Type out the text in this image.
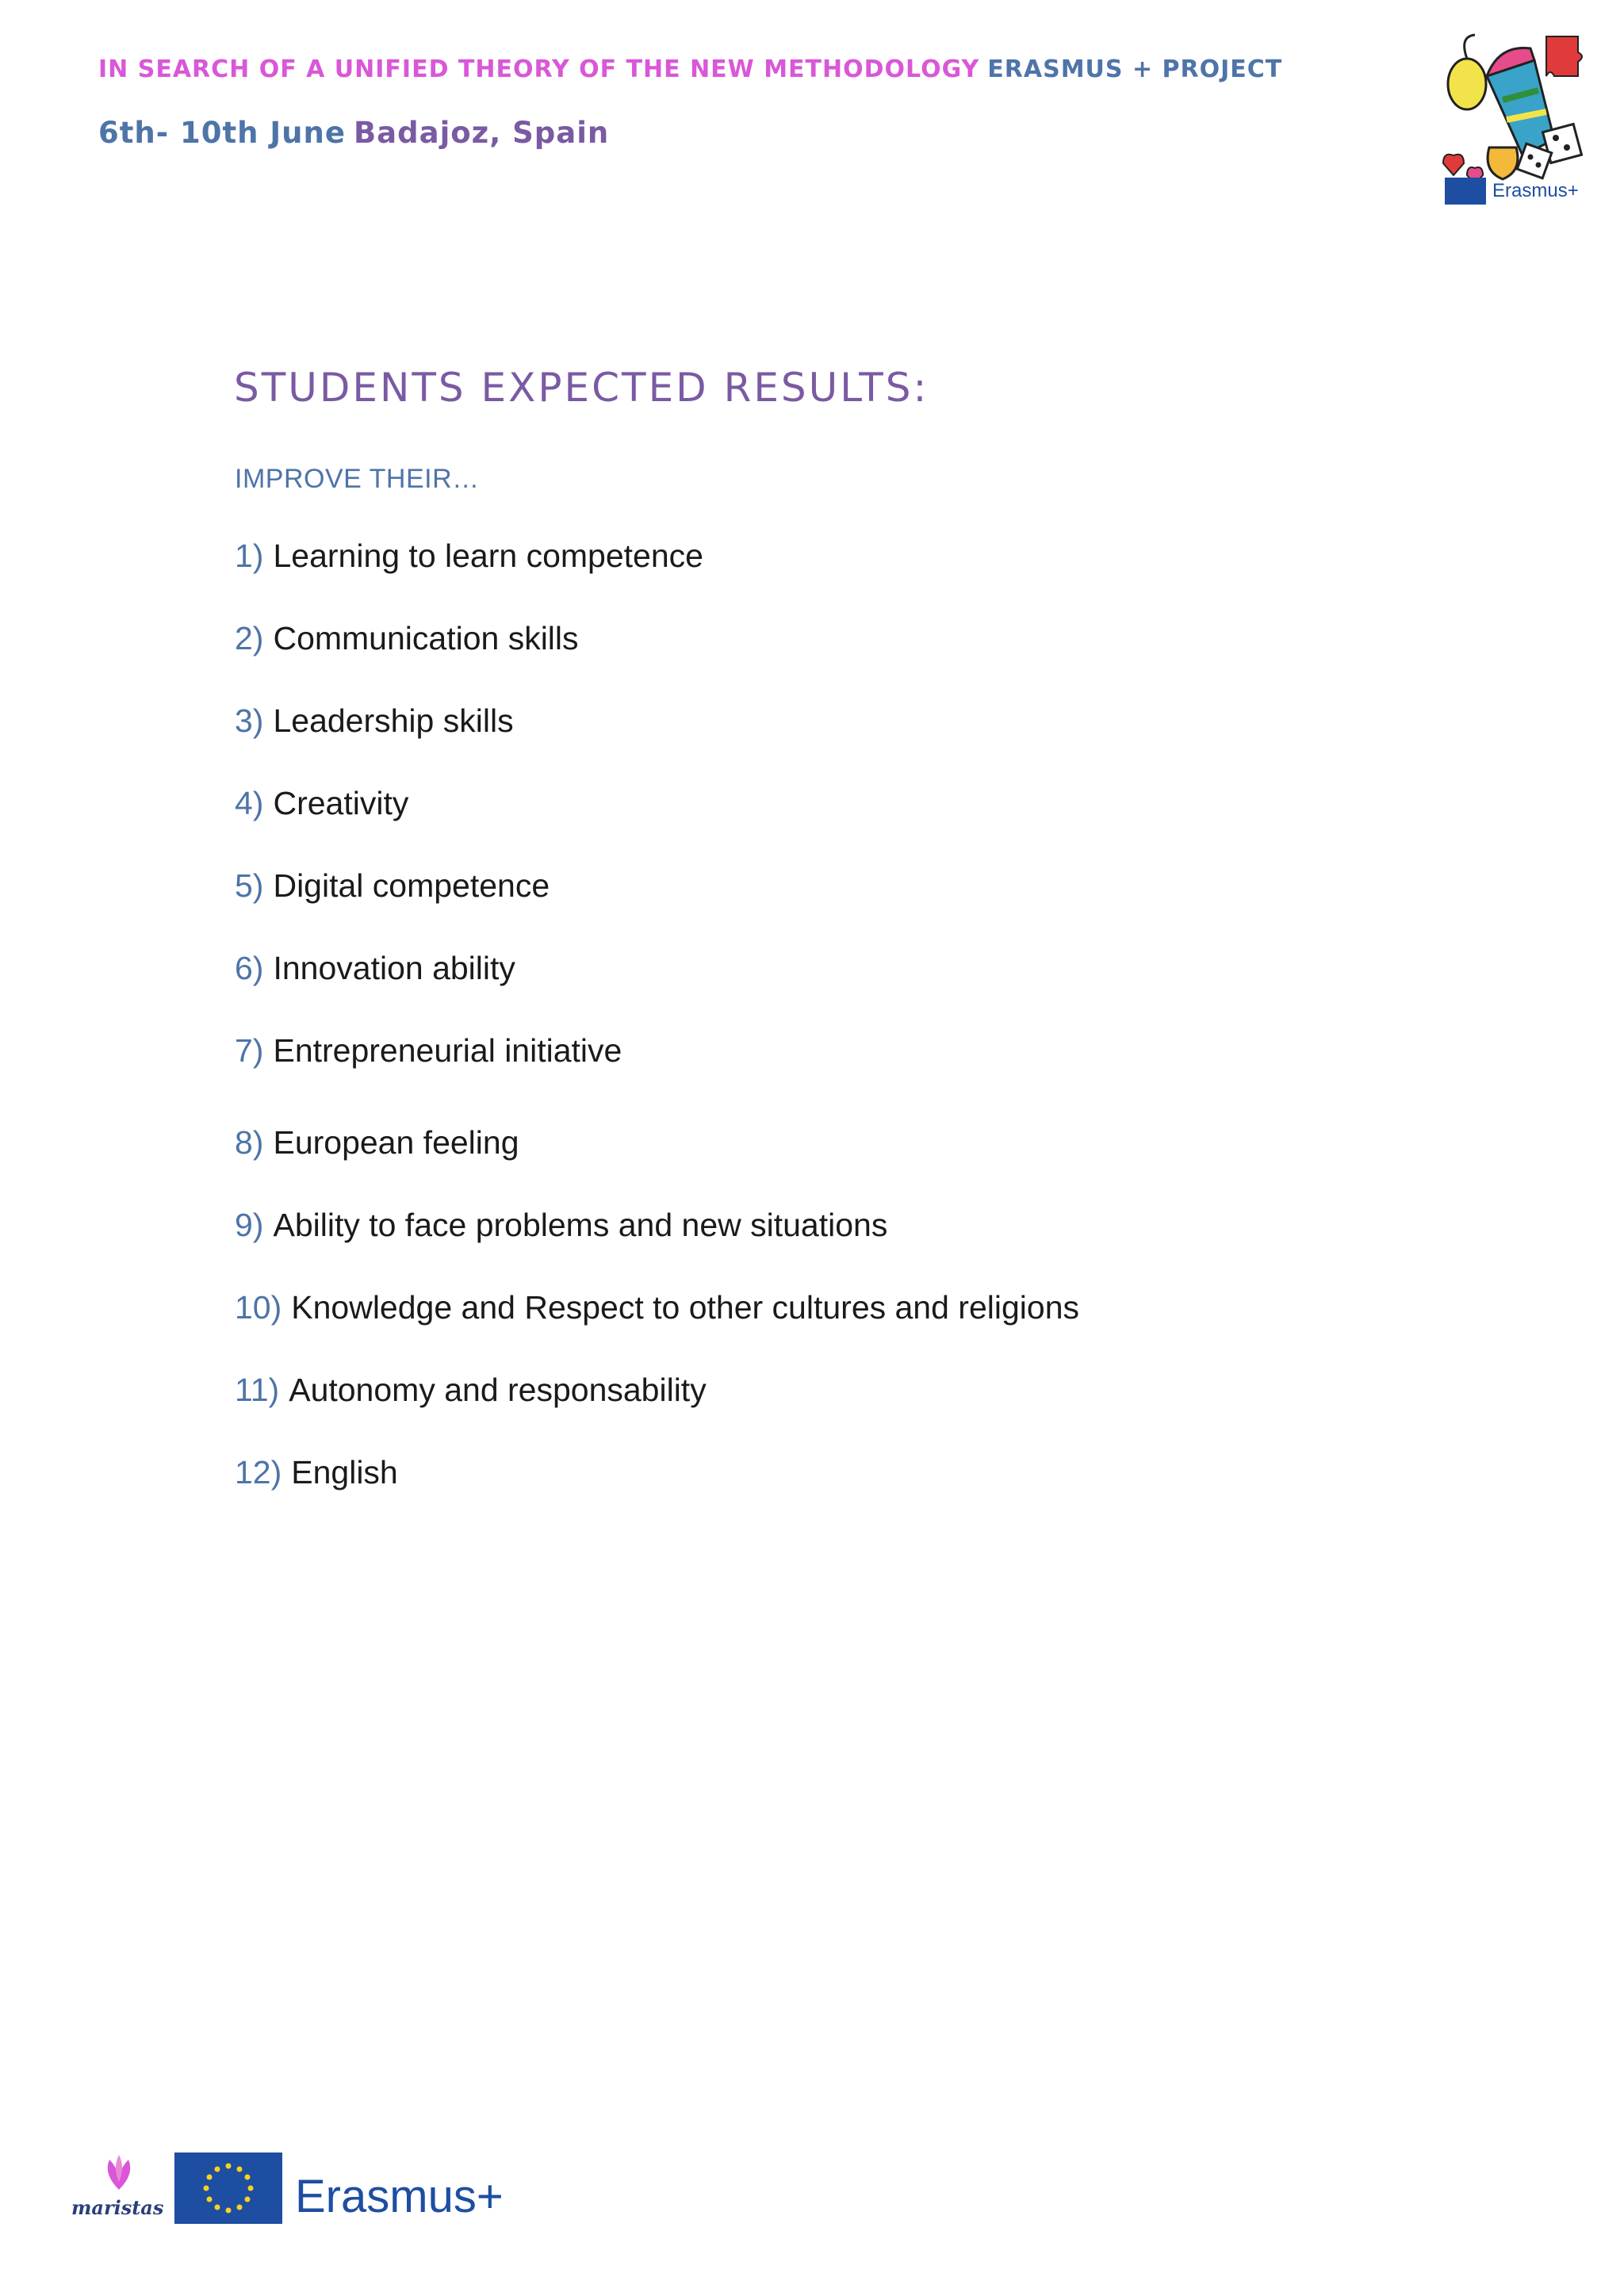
IN SEARCH OF A UNIFIED THEORY OF THE NEW METHODOLOGY ERASMUS + PROJECT
6th- 10th June Badajoz, Spain
Erasmus+
STUDENTS EXPECTED RESULTS:
IMPROVE THEIR…
1) Learning to learn competence
2) Communication skills
3) Leadership skills
4) Creativity
5) Digital competence
6) Innovation ability
7) Entrepreneurial initiative
8) European feeling
9) Ability to face problems and new situations
10) Knowledge and Respect to other cultures and religions
11) Autonomy and responsability
12) English
maristas	Erasmus+
